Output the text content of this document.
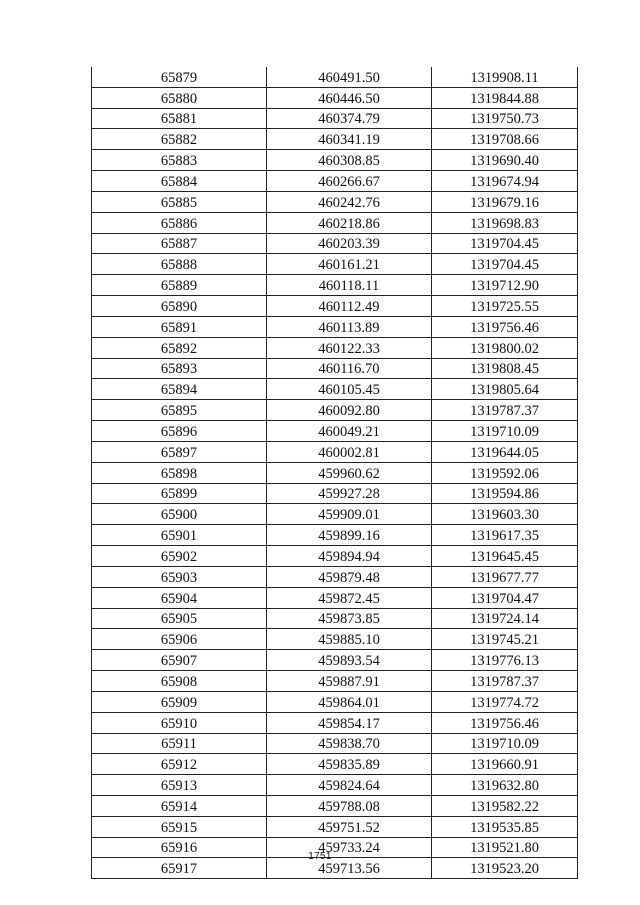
65879	460491.50	1319908.11
65880	460446.50	1319844.88
65881	460374.79	1319750.73
65882	460341.19	1319708.66
65883	460308.85	1319690.40
65884	460266.67	1319674.94
65885	460242.76	1319679.16
65886	460218.86	1319698.83
65887	460203.39	1319704.45
65888	460161.21	1319704.45
65889	460118.11	1319712.90
65890	460112.49	1319725.55
65891	460113.89	1319756.46
65892	460122.33	1319800.02
65893	460116.70	1319808.45
65894	460105.45	1319805.64
65895	460092.80	1319787.37
65896	460049.21	1319710.09
65897	460002.81	1319644.05
65898	459960.62	1319592.06
65899	459927.28	1319594.86
65900	459909.01	1319603.30
65901	459899.16	1319617.35
65902	459894.94	1319645.45
65903	459879.48	1319677.77
65904	459872.45	1319704.47
65905	459873.85	1319724.14
65906	459885.10	1319745.21
65907	459893.54	1319776.13
65908	459887.91	1319787.37
65909	459864.01	1319774.72
65910	459854.17	1319756.46
65911	459838.70	1319710.09
65912	459835.89	1319660.91
65913	459824.64	1319632.80
65914	459788.08	1319582.22
65915	459751.52	1319535.85
65916	459733.24	1319521.80
65917	459713.56	1319523.20
1751
